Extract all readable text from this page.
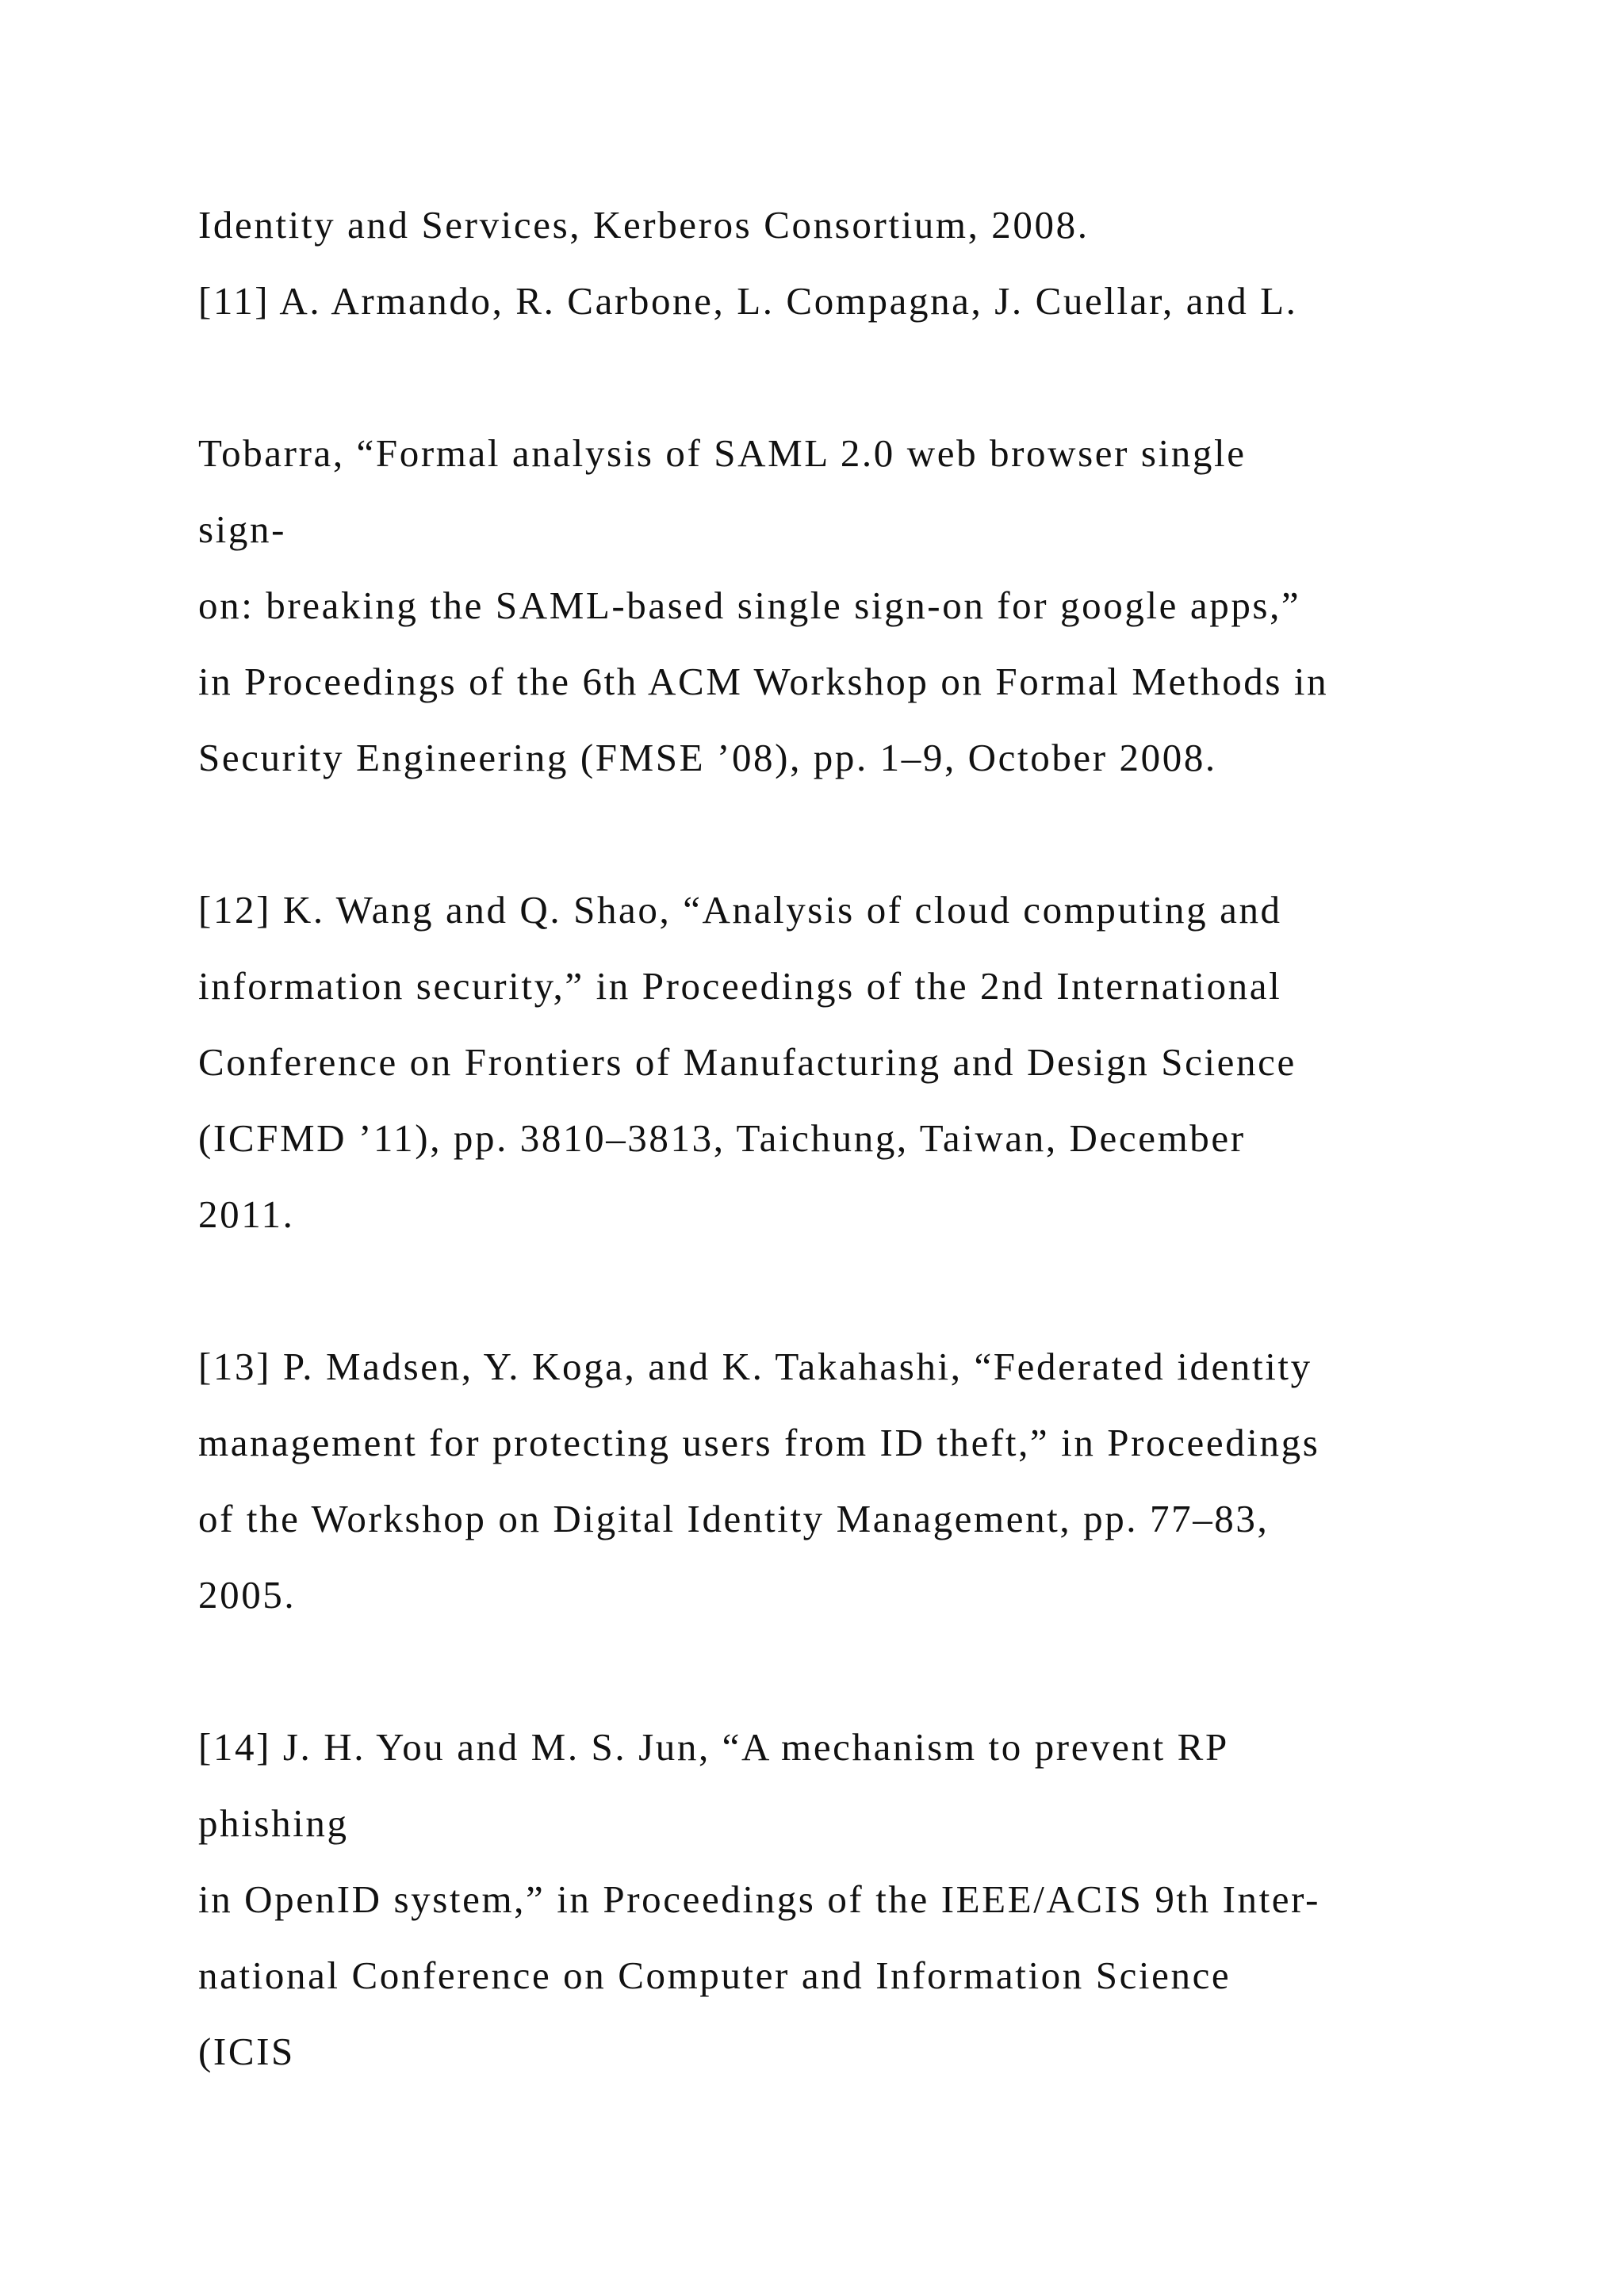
Identity and Services, Kerberos Consortium, 2008.
[11] A. Armando, R. Carbone, L. Compagna, J. Cuellar, and L.
Tobarra, “Formal analysis of SAML 2.0 web browser single
sign-
on: breaking the SAML-based single sign-on for google apps,”
in Proceedings of the 6th ACM Workshop on Formal Methods in
Security Engineering (FMSE ’08), pp. 1–9, October 2008.
[12] K. Wang and Q. Shao, “Analysis of cloud computing and
information security,” in Proceedings of the 2nd International
Conference on Frontiers of Manufacturing and Design Science
(ICFMD ’11), pp. 3810–3813, Taichung, Taiwan, December
2011.
[13] P. Madsen, Y. Koga, and K. Takahashi, “Federated identity
management for protecting users from ID theft,” in Proceedings
of the Workshop on Digital Identity Management, pp. 77–83,
2005.
[14] J. H. You and M. S. Jun, “A mechanism to prevent RP
phishing
in OpenID system,” in Proceedings of the IEEE/ACIS 9th Inter-
national Conference on Computer and Information Science
(ICIS
